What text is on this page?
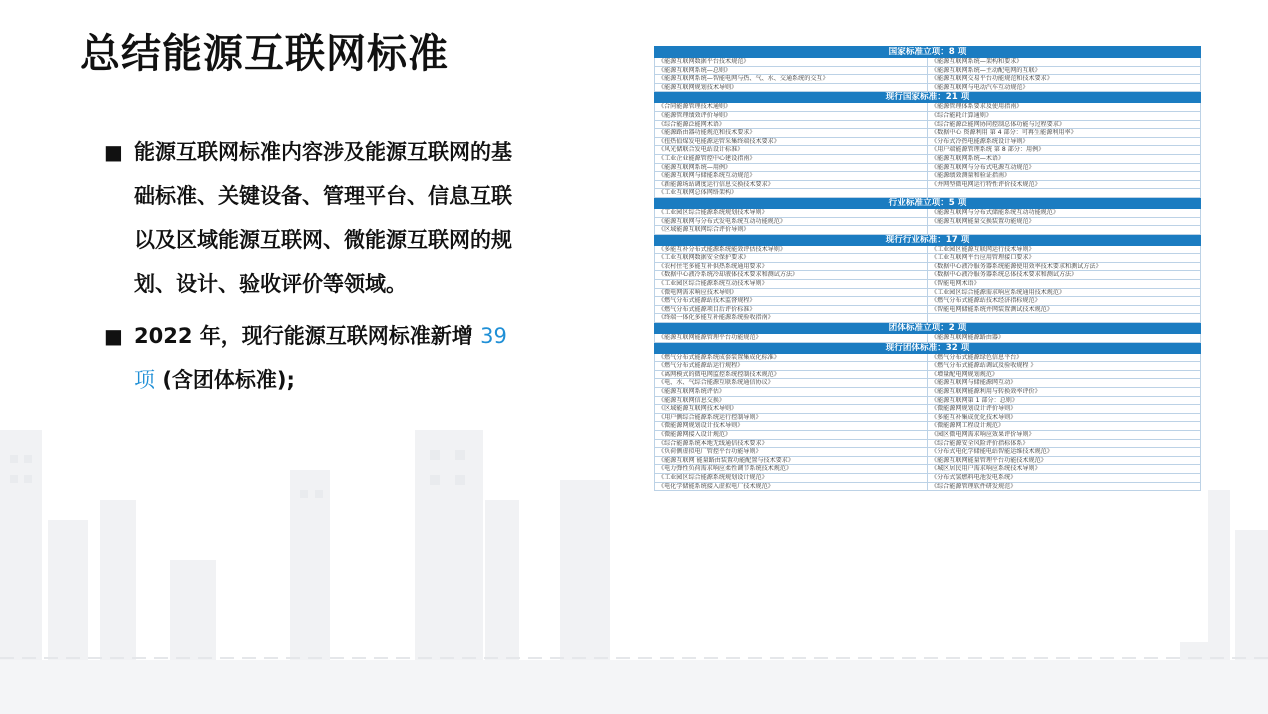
总结能源互联网标准
■ 能源互联网标准内容涉及能源互联网的基础标准、关键设备、管理平台、信息互联以及区域能源互联网、微能源互联网的规划、设计、验收评价等领域。
■ 2022 年，现行能源互联网标准新增 39项 (含团体标准);
国家标准立项：8 项	
《能源互联网数据平台技术规范》	《能源互联网系统—架构和要求》
《能源互联网系统—总则》	《能源互联网系统—主动配电网的互联》
《能源互联网系统—智能电网与热、气、水、交通系统的交互》	《能源互联网交易平台功能规范和技术要求》
《能源互联网规划技术导则》	《能源互联网与电动汽车互动规范》
现行国家标准：21 项	
《合同能源管理技术通则》	《能源管理体系要求及使用指南》
《能源管理绩效评价导则》	《综合能耗计算通则》
《综合能源泛能网术语》	《综合能源泛能网协同控制总体功能与过程要求》
《能源路由器功能规范和技术要求》	《数据中心 资源利用 第 4 部分：可再生能源利用率》
《扭热值煤发电能源运管采集终端技术要求》	《分布式冷热电能源系统设计导则》
《风光储联合发电站设计标准》	《用户端能源管理系统 第 8 部分：用例》
《工业企业能源管控中心建设指南》	《能源互联网系统—术语》
《能源互联网系统—用例》	《能源互联网与分布式电源互动规范》
《能源互联网与储能系统互动规范》	《能源绩效测量和验证指南》
《新能源场站调度运行信息交换技术要求》	《并网型微电网运行特性评价技术规范》
《工业互联网总体网络架构》	
行业标准立项：5 项	
《工业园区综合能源系统规划技术导则》	《能源互联网与分布式储能系统互动功能规范》
《能源互联网与分布式发电系统互动功能规范》	《能源互联网能量交换装置功能规范》
《区域能源互联网综合评价导则》	
现行行业标准：17 项	
《多能互补分布式能源系统能效评估技术导则》	《工业园区能源互联网运行技术导则》
《工业互联网数据安全保护要求》	《工业互联网平台应用管理接口要求》
《农村住宅多能互补供热系统通用要求》	《数据中心液冷服务器系统能源使用效率技术要求和测试方法》
《数据中心液冷系统冷却液体技术要求和测试方法》	《数据中心液冷服务器系统总体技术要求和测试方法》
《工业园区综合能源系统互动技术导则》	《智能电网术语》
《微电网需求响应技术导则》	《工业园区综合能源需求响应系统通用技术规范》
《燃气分布式能源站技术监督规程》	《燃气分布式能源站技术经济指标规范》
《燃气分布式能源项目后评价标准》	《智能电网储能系统并网装置测试技术规范》
《终端一体化多能互补能源系统验收指南》	
团体标准立项：2 项	
《能源互联网能源管理平台功能规范》	《能源互联网能源路由器》
现行团体标准：32 项	
《燃气分布式能源系统成套装置集成化标准》	《燃气分布式能源绿色信息平台》
《燃气分布式能源站运行规程》	《燃气分布式能源站调试及验收规程 》
《离网模式的微电网监控系统控制技术规范》	《增量配电网规划规范》
《电、水、气综合能源互联系统通信协议》	《能源互联网与储能源网互动》
《能源互联网系统评估》	《能源互联网能源利用与转换效率评价》
《能源互联网信息交换》	《能源互联网第 1 部分：总则》
《区域能源互联网技术导则》	《微能源网规划设计评价导则》
《用户侧综合能源系统运行控制导则》	《多能互补集成优化技术导则》
《微能源网规划设计技术导则》	《微能源网工程设计规范》
《微能源网接入设计规范》	《园区微电网需求响应效果评价导则》
《综合能源系统本地无线通信技术要求》	《综合能源安全风险评价指标体系》
《负荷侧虚拟电厂管控平台功能导则》	《分布式电化学储能电站智能运维技术规范》
《能源互联网 能量路由装置功能配置与技术要求》	《能源互联网能量管理平台功能技术规范》
《电力弹性负荷需求响应柔性调节系统技术规范》	《城区居民用户需求响应系统技术导则》
《工业园区综合能源系统规划设计规范》	《分布式氢燃料电池发电系统》
《电化学储能系统接入虚拟电厂技术规范》	《综合能源管理软件研发规范》
